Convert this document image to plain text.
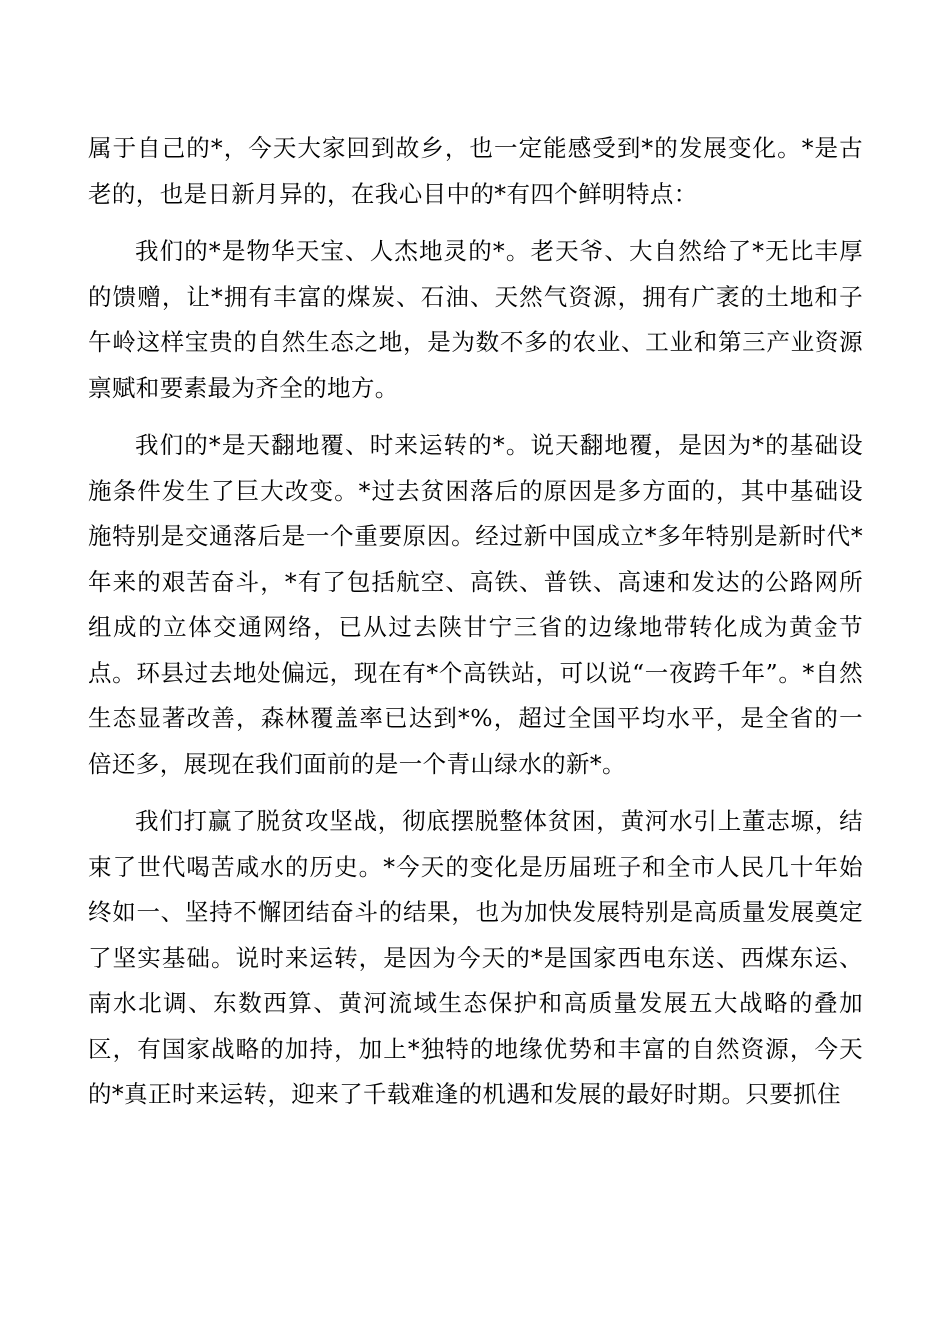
属于自己的*，今天大家回到故乡，也一定能感受到*的发展变化。*是古老的，也是日新月异的，在我心目中的*有四个鲜明特点：

我们的*是物华天宝、人杰地灵的*。老天爷、大自然给了*无比丰厚的馈赠，让*拥有丰富的煤炭、石油、天然气资源，拥有广袤的土地和子午岭这样宝贵的自然生态之地，是为数不多的农业、工业和第三产业资源禀赋和要素最为齐全的地方。

我们的*是天翻地覆、时来运转的*。说天翻地覆，是因为*的基础设施条件发生了巨大改变。*过去贫困落后的原因是多方面的，其中基础设施特别是交通落后是一个重要原因。经过新中国成立*多年特别是新时代*年来的艰苦奋斗，*有了包括航空、高铁、普铁、高速和发达的公路网所组成的立体交通网络，已从过去陕甘宁三省的边缘地带转化成为黄金节点。环县过去地处偏远，现在有*个高铁站，可以说“一夜跨千年”。*自然生态显著改善，森林覆盖率已达到*%，超过全国平均水平，是全省的一倍还多，展现在我们面前的是一个青山绿水的新*。

我们打赢了脱贫攻坚战，彻底摆脱整体贫困，黄河水引上董志塬，结束了世代喝苦咸水的历史。*今天的变化是历届班子和全市人民几十年始终如一、坚持不懈团结奋斗的结果，也为加快发展特别是高质量发展奠定了坚实基础。说时来运转，是因为今天的*是国家西电东送、西煤东运、南水北调、东数西算、黄河流域生态保护和高质量发展五大战略的叠加区，有国家战略的加持，加上*独特的地缘优势和丰富的自然资源，今天的*真正时来运转，迎来了千载难逢的机遇和发展的最好时期。只要抓住
